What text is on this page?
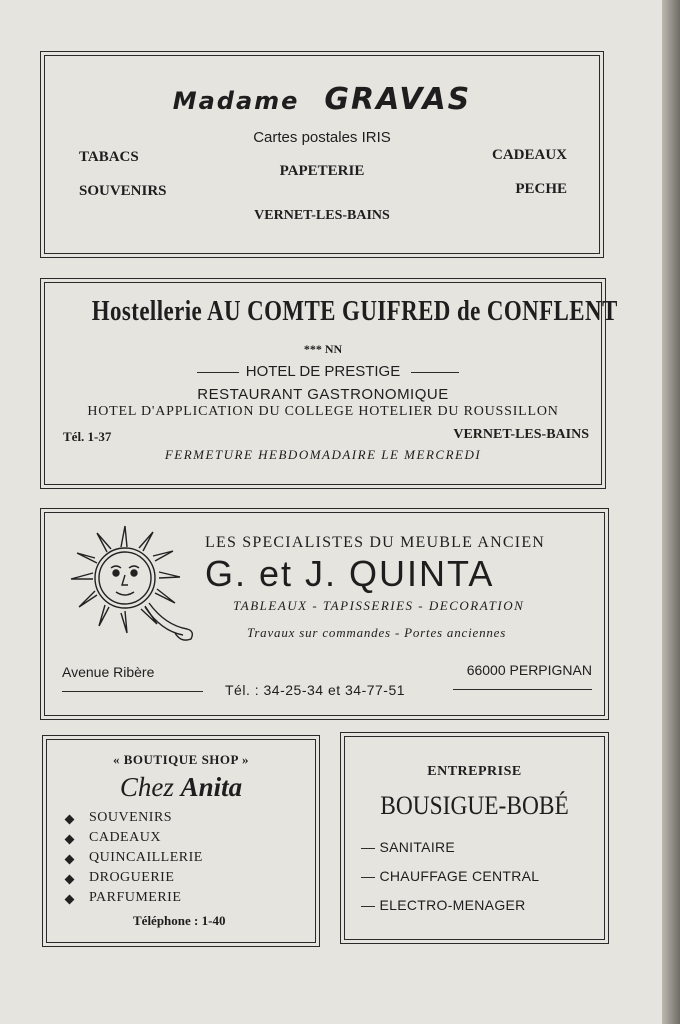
Madame GRAVAS
Cartes postales IRIS
TABACS
SOUVENIRS
PAPETERIE
CADEAUX
PECHE
VERNET-LES-BAINS
Hostellerie AU COMTE GUIFRED de CONFLENT
*** NN
HOTEL DE PRESTIGE
RESTAURANT GASTRONOMIQUE
HOTEL D'APPLICATION DU COLLEGE HOTELIER DU ROUSSILLON
Tél. 1-37	VERNET-LES-BAINS
FERMETURE HEBDOMADAIRE LE MERCREDI
LES SPECIALISTES DU MEUBLE ANCIEN
G. et J. QUINTA
TABLEAUX - TAPISSERIES - DECORATION
Travaux sur commandes - Portes anciennes
Avenue Ribère	66000 PERPIGNAN
Tél. : 34-25-34 et 34-77-51
« BOUTIQUE SHOP »
Chez Anita
SOUVENIRS
CADEAUX
QUINCAILLERIE
DROGUERIE
PARFUMERIE
Téléphone : 1-40
ENTREPRISE
BOUSIGUE-BOBÉ
— SANITAIRE
— CHAUFFAGE CENTRAL
— ELECTRO-MENAGER
